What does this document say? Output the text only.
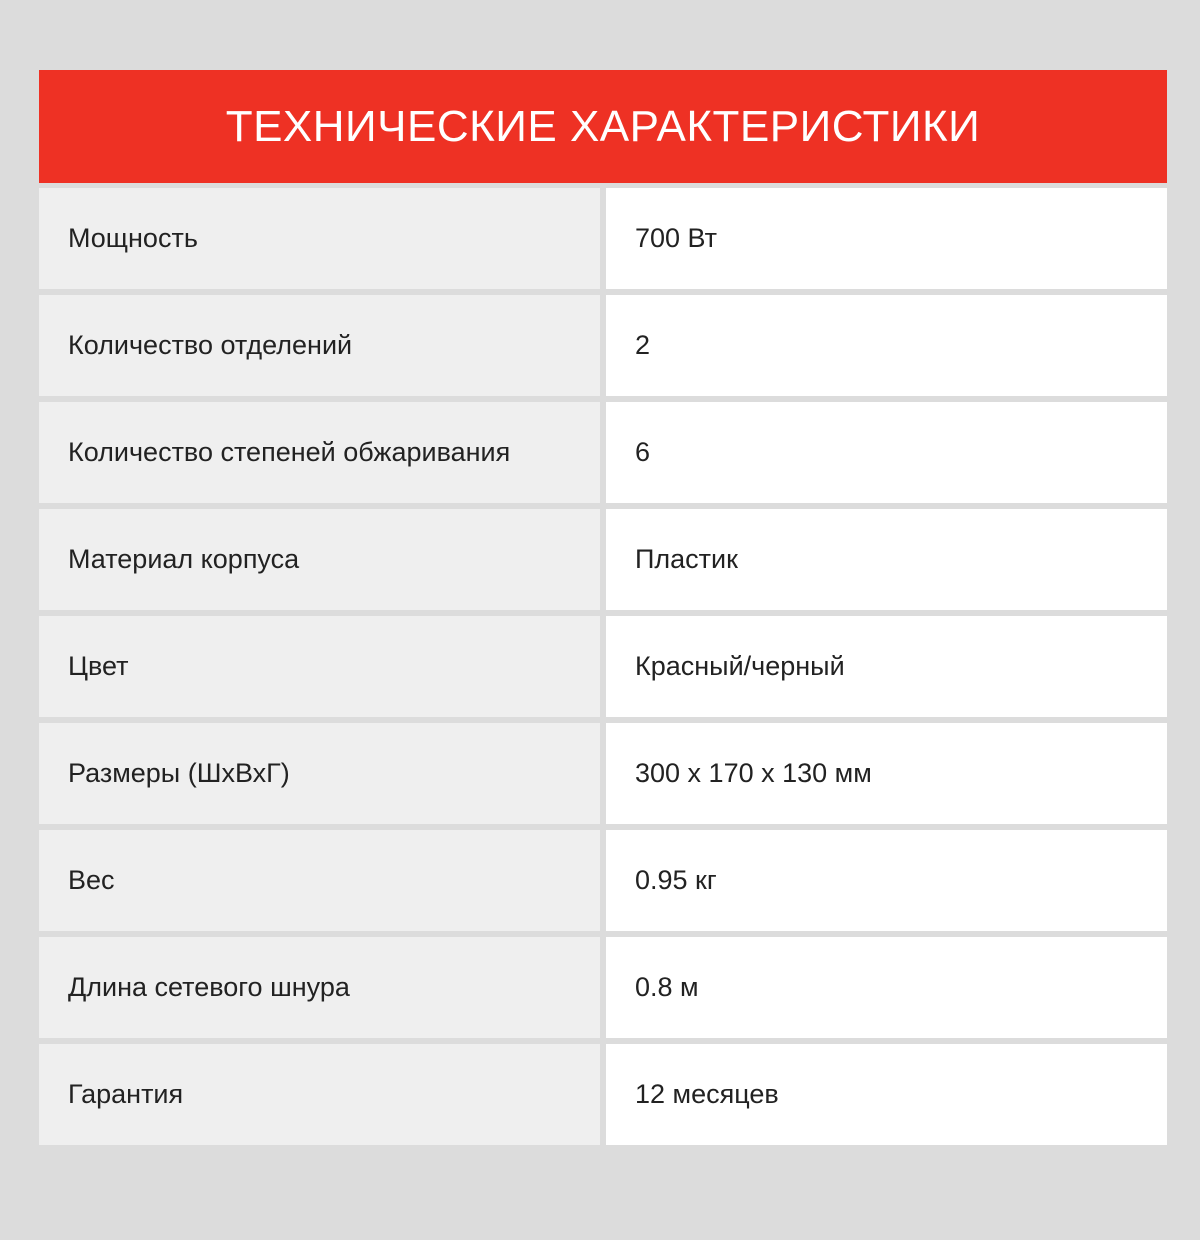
ТЕХНИЧЕСКИЕ ХАРАКТЕРИСТИКИ
Мощность	700 Вт
Количество отделений	2
Количество степеней обжаривания	6
Материал корпуса	Пластик
Цвет	Красный/черный
Размеры (ШхВхГ)	300 x 170 x 130 мм
Вес	0.95 кг
Длина сетевого шнура	0.8 м
Гарантия	12 месяцев
